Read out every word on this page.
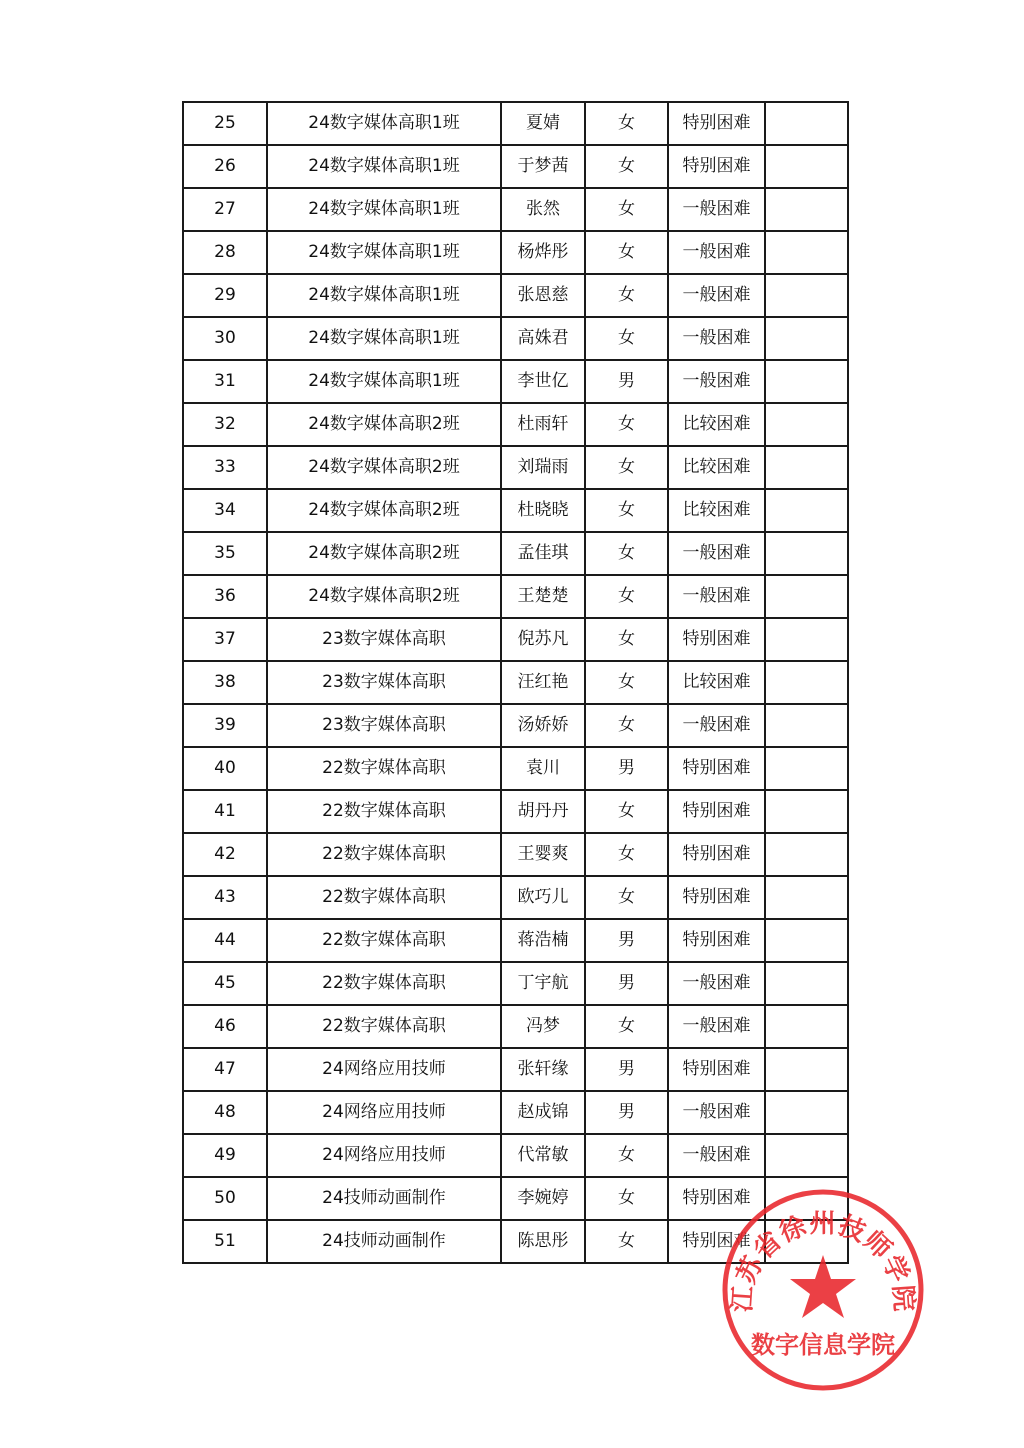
25	24数字媒体高职1班	夏婧	女	特别困难	
26	24数字媒体高职1班	于梦茜	女	特别困难	
27	24数字媒体高职1班	张然	女	一般困难	
28	24数字媒体高职1班	杨烨彤	女	一般困难	
29	24数字媒体高职1班	张恩慈	女	一般困难	
30	24数字媒体高职1班	高姝君	女	一般困难	
31	24数字媒体高职1班	李世亿	男	一般困难	
32	24数字媒体高职2班	杜雨轩	女	比较困难	
33	24数字媒体高职2班	刘瑞雨	女	比较困难	
34	24数字媒体高职2班	杜晓晓	女	比较困难	
35	24数字媒体高职2班	孟佳琪	女	一般困难	
36	24数字媒体高职2班	王楚楚	女	一般困难	
37	23数字媒体高职	倪苏凡	女	特别困难	
38	23数字媒体高职	汪红艳	女	比较困难	
39	23数字媒体高职	汤娇娇	女	一般困难	
40	22数字媒体高职	袁川	男	特别困难	
41	22数字媒体高职	胡丹丹	女	特别困难	
42	22数字媒体高职	王婴爽	女	特别困难	
43	22数字媒体高职	欧巧儿	女	特别困难	
44	22数字媒体高职	蒋浩楠	男	特别困难	
45	22数字媒体高职	丁宇航	男	一般困难	
46	22数字媒体高职	冯梦	女	一般困难	
47	24网络应用技师	张轩缘	男	特别困难	
48	24网络应用技师	赵成锦	男	一般困难	
49	24网络应用技师	代常敏	女	一般困难	
50	24技师动画制作	李婉婷	女	特别困难	
51	24技师动画制作	陈思彤	女	特别困难	
江苏省徐州技师学院
数字信息学院
